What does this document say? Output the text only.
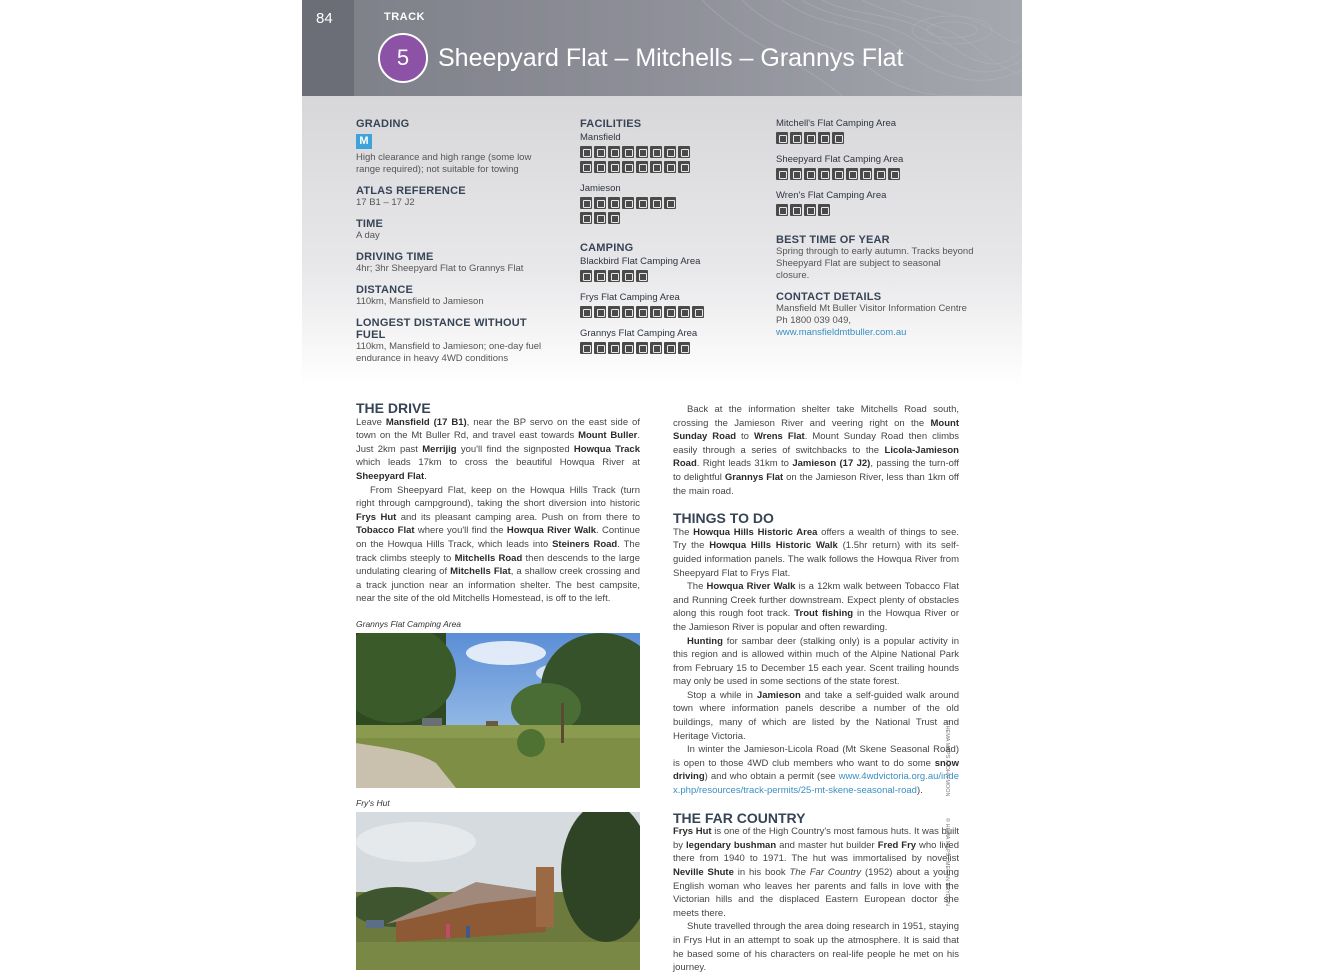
84	TRACK
5	Sheepyard Flat – Mitchells – Grannys Flat

GRADING

M

High clearance and high range (some low range required); not suitable for towing

ATLAS REFERENCE

17 B1 – 17 J2

TIME

A day

DRIVING TIME

4hr; 3hr Sheepyard Flat to Grannys Flat

DISTANCE

110km, Mansfield to Jamieson

LONGEST DISTANCE WITHOUT FUEL

110km, Mansfield to Jamieson; one-day fuel endurance in heavy 4WD conditions

FACILITIES

Mansfield

Jamieson

CAMPING

Blackbird Flat Camping Area

Frys Flat Camping Area

Grannys Flat Camping Area

Mitchell's Flat Camping Area

Sheepyard Flat Camping Area

Wren's Flat Camping Area

BEST TIME OF YEAR

Spring through to early autumn. Tracks beyond Sheepyard Flat are subject to seasonal closure.

CONTACT DETAILS

Mansfield Mt Buller Visitor Information Centre

Ph 1800 039 049,

www.mansfieldmtbuller.com.au

THE DRIVE

Leave Mansfield (17 B1), near the BP servo on the east side of town on the Mt Buller Rd, and travel east towards Mount Buller. Just 2km past Merrijig you'll find the signposted Howqua Track which leads 17km to cross the beautiful Howqua River at Sheepyard Flat.

From Sheepyard Flat, keep on the Howqua Hills Track (turn right through campground), taking the short diversion into historic Frys Hut and its pleasant camping area. Push on from there to Tobacco Flat where you'll find the Howqua River Walk. Continue on the Howqua Hills Track, which leads into Steiners Road. The track climbs steeply to Mitchells Road then descends to the large undulating clearing of Mitchells Flat, a shallow creek crossing and a track junction near an information shelter. The best campsite, near the site of the old Mitchells Homestead, is off to the left.

Grannys Flat Camping Area
© HEMA MAPS / JOHN MOON
Fry's Hut
© HEMA MAPS / MEGAN BRYDON

Back at the information shelter take Mitchells Road south, crossing the Jamieson River and veering right on the Mount Sunday Road to Wrens Flat. Mount Sunday Road then climbs easily through a series of switchbacks to the Licola-Jamieson Road. Right leads 31km to Jamieson (17 J2), passing the turn-off to delightful Grannys Flat on the Jamieson River, less than 1km off the main road.

THINGS TO DO

The Howqua Hills Historic Area offers a wealth of things to see. Try the Howqua Hills Historic Walk (1.5hr return) with its self-guided information panels. The walk follows the Howqua River from Sheepyard Flat to Frys Flat.

The Howqua River Walk is a 12km walk between Tobacco Flat and Running Creek further downstream. Expect plenty of obstacles along this rough foot track. Trout fishing in the Howqua River or the Jamieson River is popular and often rewarding.

Hunting for sambar deer (stalking only) is a popular activity in this region and is allowed within much of the Alpine National Park from February 15 to December 15 each year. Scent trailing hounds may only be used in some sections of the state forest.

Stop a while in Jamieson and take a self-guided walk around town where information panels describe a number of the old buildings, many of which are listed by the National Trust and Heritage Victoria.

In winter the Jamieson-Licola Road (Mt Skene Seasonal Road) is open to those 4WD club members who want to do some snow driving) and who obtain a permit (see www.4wdvictoria.org.au/index.php/resources/track-permits/25-mt-skene-seasonal-road).

THE FAR COUNTRY

Frys Hut is one of the High Country's most famous huts. It was built by legendary bushman and master hut builder Fred Fry who lived there from 1940 to 1971. The hut was immortalised by novelist Neville Shute in his book The Far Country (1952) about a young English woman who leaves her parents and falls in love with the Victorian hills and the displaced Eastern European doctor she meets there.

Shute travelled through the area doing research in 1951, staying in Frys Hut in an attempt to soak up the atmosphere. It is said that he based some of his characters on real-life people he met on his journey.
